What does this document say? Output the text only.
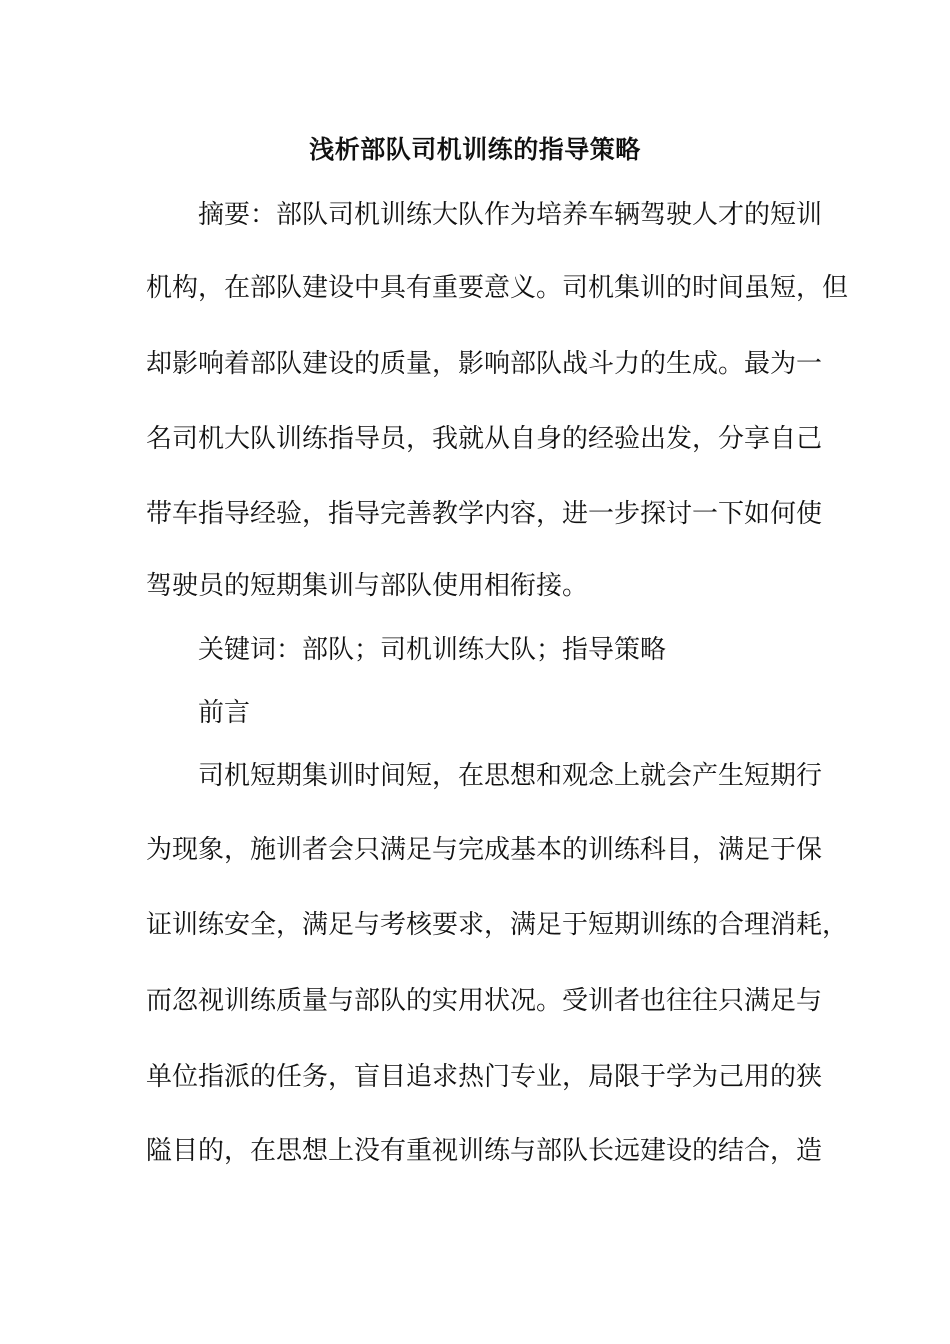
浅析部队司机训练的指导策略
摘要：部队司机训练大队作为培养车辆驾驶人才的短训
机构，在部队建设中具有重要意义。司机集训的时间虽短，但
却影响着部队建设的质量，影响部队战斗力的生成。最为一
名司机大队训练指导员，我就从自身的经验出发，分享自己
带车指导经验，指导完善教学内容，进一步探讨一下如何使
驾驶员的短期集训与部队使用相衔接。
关键词：部队；司机训练大队；指导策略
前言
司机短期集训时间短，在思想和观念上就会产生短期行
为现象，施训者会只满足与完成基本的训练科目，满足于保
证训练安全，满足与考核要求，满足于短期训练的合理消耗，
而忽视训练质量与部队的实用状况。受训者也往往只满足与
单位指派的任务，盲目追求热门专业，局限于学为己用的狭
隘目的，在思想上没有重视训练与部队长远建设的结合，造
